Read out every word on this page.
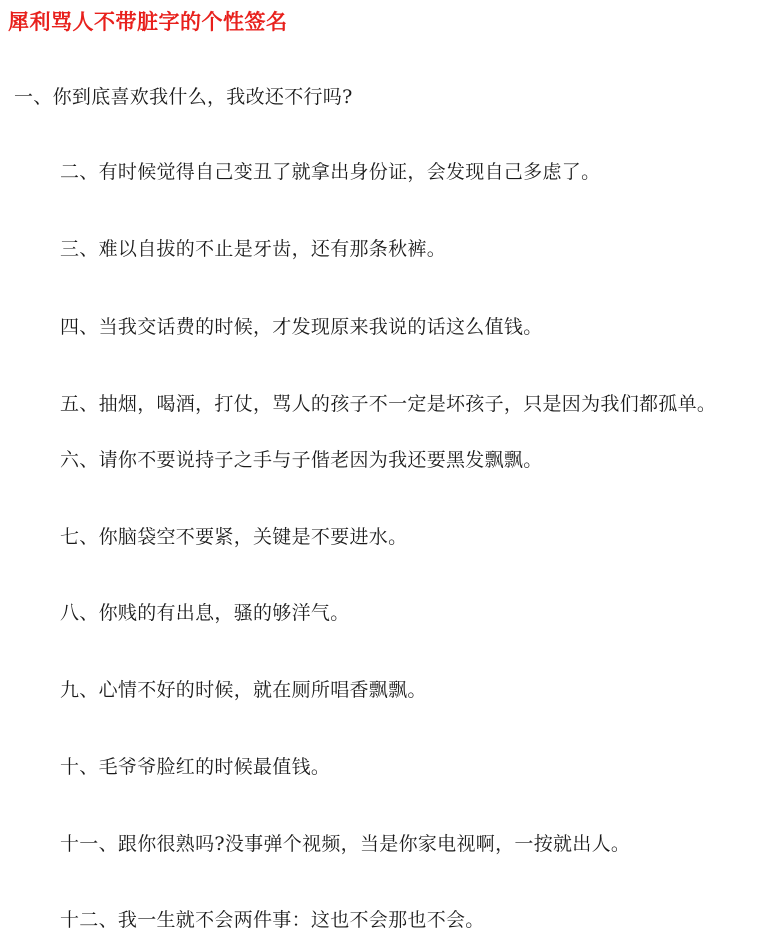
犀利骂人不带脏字的个性签名
一、你到底喜欢我什么，我改还不行吗?
二、有时候觉得自己变丑了就拿出身份证，会发现自己多虑了。
三、难以自拔的不止是牙齿，还有那条秋裤。
四、当我交话费的时候，才发现原来我说的话这么值钱。
五、抽烟，喝酒，打仗，骂人的孩子不一定是坏孩子，只是因为我们都孤单。
六、请你不要说持子之手与子偕老因为我还要黑发飘飘。
七、你脑袋空不要紧，关键是不要进水。
八、你贱的有出息，骚的够洋气。
九、心情不好的时候，就在厕所唱香飘飘。
十、毛爷爷脸红的时候最值钱。
十一、跟你很熟吗?没事弹个视频，当是你家电视啊，一按就出人。
十二、我一生就不会两件事：这也不会那也不会。
